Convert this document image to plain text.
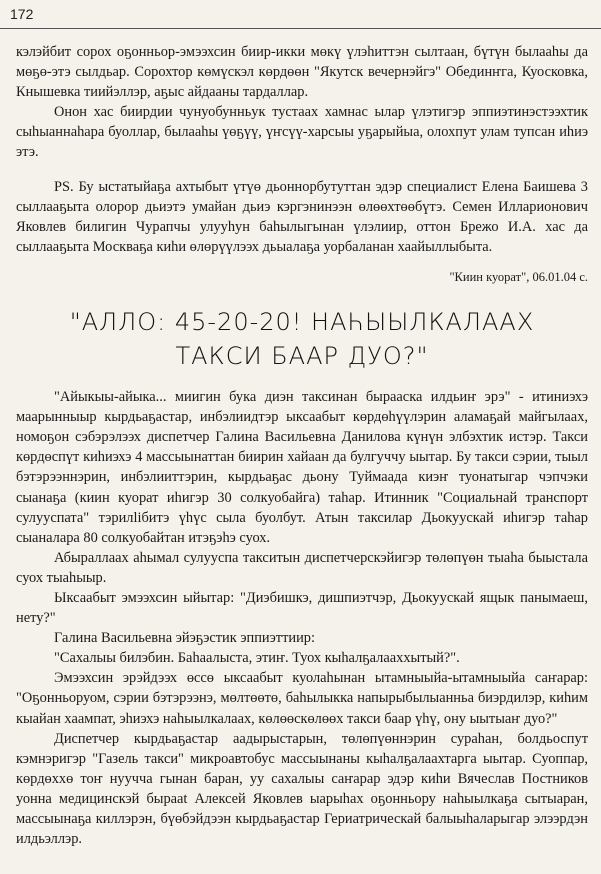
172

кэлэйбит сорох оҕонньор-эмээхсин биир-икки мөкү үлэһиттэн сылтаан, бүтүн былааһы да мөҕө-этэ сылдьар. Сорохтор көмүскэл көрдөөн "Якутск вечернэйгэ" Обединҥга, Куосковка, Кнышевка тиийэллэр, аҕыс айдааны тардаллар.

Онон хас биирдии чунуобунньук тустаах хамнас ылар үлэтигэр эппиэтинэстээхтик сыһыаннаһара буоллар, былааһы үөҕүү, үҥсүү-харсыы уҕарыйыа, олохпут улам тупсан иһиэ этэ.

PS. Бу ыстатыйаҕа ахтыбыт үтүө дьоннорбутуттан эдэр специалист Елена Баишева 3 сыллааҕыта олорор дьиэтэ умайан дьиэ кэргэнинээн өлөөхтөөбүтэ. Семен Илларионович Яковлев билигин Чурапчы улууһун баһылыгынан үлэлиир, оттон Брежо И.А. хас да сыллааҕыта Москваҕа киһи өлөрүүлээх дьыалаҕа уорбаланан хаайыллыбыта.

"Киин куорат", 06.01.04 с.
"АЛЛО: 45-20-20! НАҺЫЫЛКАЛААХ
ТАКСИ БААР ДУО?"

"Айыкыы-айыка... миигин бука диэн таксинан бырааска илдьиҥ эрэ" - итиниэхэ маарынныыр кырдьаҕастар, инбэлиидтэр ыксаабыт көрдөһүүлэрин аламаҕай майгылаах, номоҕон сэбэрэлээх диспетчер Галина Васильевна Данилова күнүн элбэхтик истэр. Такси көрдөспүт киһиэхэ 4 массыынаттан биирин хайаан да булгуччу ыытар. Бу такси сэрии, тыыл бэтэрээннэрин, инбэлииттэрин, кырдьаҕас дьону Туймаада киэҥ туонатыгар чэпчэки сыанаҕа (киин куорат иһигэр 30 солкуобайга) таһар. Итинник "Социальнай транспорт сулууспата" тэрилliбитэ үһүс сыла буолбут. Атын таксилар Дьокуускай иһигэр таһар сыаналара 80 солкуобайтан итэҕэһэ суох.

Абыраллаах аһымал сулууспа такситын диспетчерскэйигэр төлөпүөн тыаһа быыстала суох тыаһыыр.

Ыксаабыт эмээхсин ыйытар: "Диэбишкэ, дишпиэтчэр, Дьокуускай ящык панымаеш, нету?"

Галина Васильевна эйэҕэстик эппиэттиир:

"Сахалыы билэбин. Баһаалыста, этиҥ. Туох кыһалҕалааххытый?".

Эмээхсин эрэйдээх өссө ыксаабыт куолаһынан ытамныыйа-ытамныыйа саҥарар: "Оҕонньоруом, сэрии бэтэрээнэ, мөлтөөтө, баһылыкка напырыбылыанньа биэрдилэр, киһим кыайан хаампат, эһиэхэ наһыылкалаах, көлөөскөлөөх такси баар үһү, ону ыытыаҥ дуо?"

Диспетчер кырдьаҕастар аадырыстарын, төлөпүөннэрин сураһан, болдьоспут кэмнэригэр "Газель такси" микроавтобус массыынаны кыһалҕалаахтарга ыытар. Суоппар, көрдөххө тоҥ нуучча гынан баран, уу сахалыы саҥарар эдэр киһи Вячеслав Постников уонна медицинскэй бырааt Алексей Яковлев ыарыһах оҕонньору наһыылкаҕа сытыаран, массыынаҕа киллэрэн, бүөбэйдээн кырдьаҕастар Гериатрическай балыыһаларыгар элээрдэн илдьэллэр.
